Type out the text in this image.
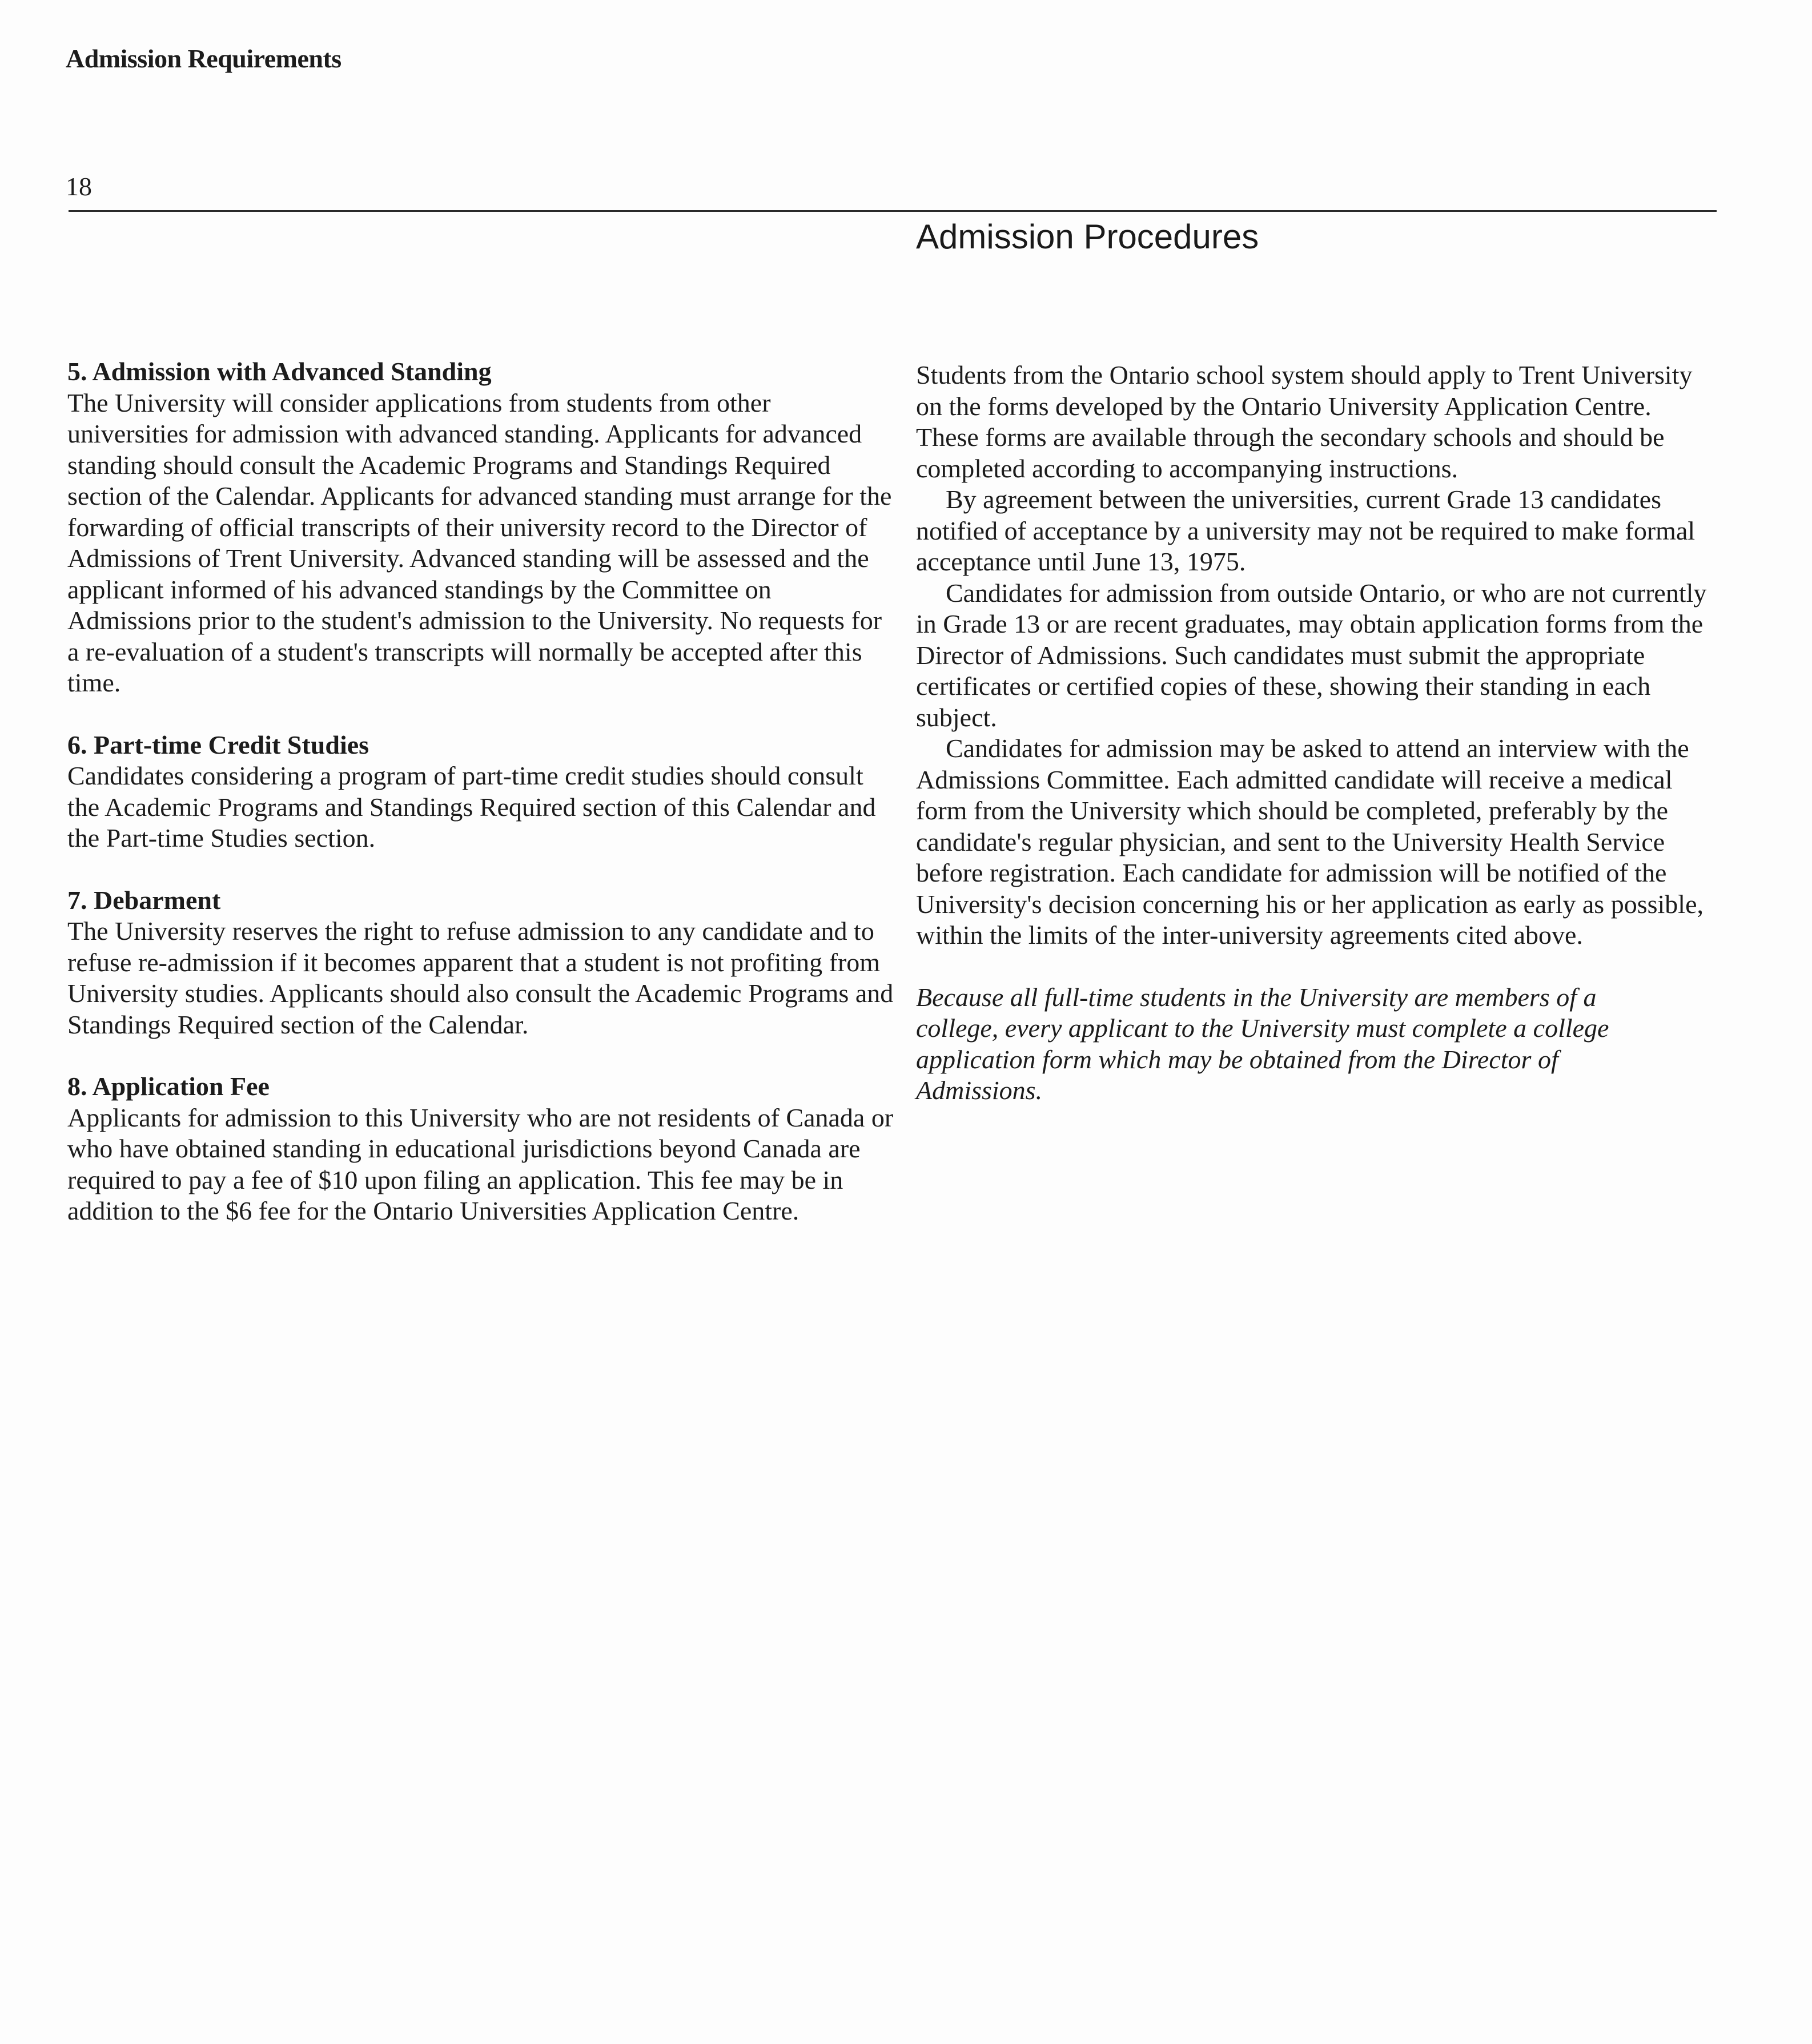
Admission Requirements
18
Admission Procedures

5. Admission with Advanced Standing

The University will consider applications from students from other universities for admission with advanced standing. Applicants for advanced standing should consult the Academic Programs and Standings Required section of the Calendar. Applicants for advanced standing must arrange for the forwarding of official transcripts of their university record to the Director of Admissions of Trent University. Advanced standing will be assessed and the applicant informed of his advanced standings by the Committee on Admissions prior to the student's admission to the University. No requests for a re-evaluation of a student's transcripts will normally be accepted after this time.

6. Part-time Credit Studies

Candidates considering a program of part-time credit studies should consult the Academic Programs and Standings Required section of this Calendar and the Part-time Studies section.

7. Debarment

The University reserves the right to refuse admission to any candidate and to refuse re-admission if it becomes apparent that a student is not profiting from University studies. Applicants should also consult the Academic Programs and Standings Required section of the Calendar.

8. Application Fee

Applicants for admission to this University who are not residents of Canada or who have obtained standing in educational jurisdictions beyond Canada are required to pay a fee of $10 upon filing an application. This fee may be in addition to the $6 fee for the Ontario Universities Application Centre.

Students from the Ontario school system should apply to Trent University on the forms developed by the Ontario University Application Centre. These forms are available through the secondary schools and should be completed according to accompanying instructions.

By agreement between the universities, current Grade 13 candidates notified of acceptance by a university may not be required to make formal acceptance until June 13, 1975.

Candidates for admission from outside Ontario, or who are not currently in Grade 13 or are recent graduates, may obtain application forms from the Director of Admissions. Such candidates must submit the appropriate certificates or certified copies of these, showing their standing in each subject.

Candidates for admission may be asked to attend an interview with the Admissions Committee. Each admitted candidate will receive a medical form from the University which should be completed, preferably by the candidate's regular physician, and sent to the University Health Service before registration. Each candidate for admission will be notified of the University's decision concerning his or her application as early as possible, within the limits of the inter-university agreements cited above.

Because all full-time students in the University are members of a college, every applicant to the University must complete a college application form which may be obtained from the Director of Admissions.
